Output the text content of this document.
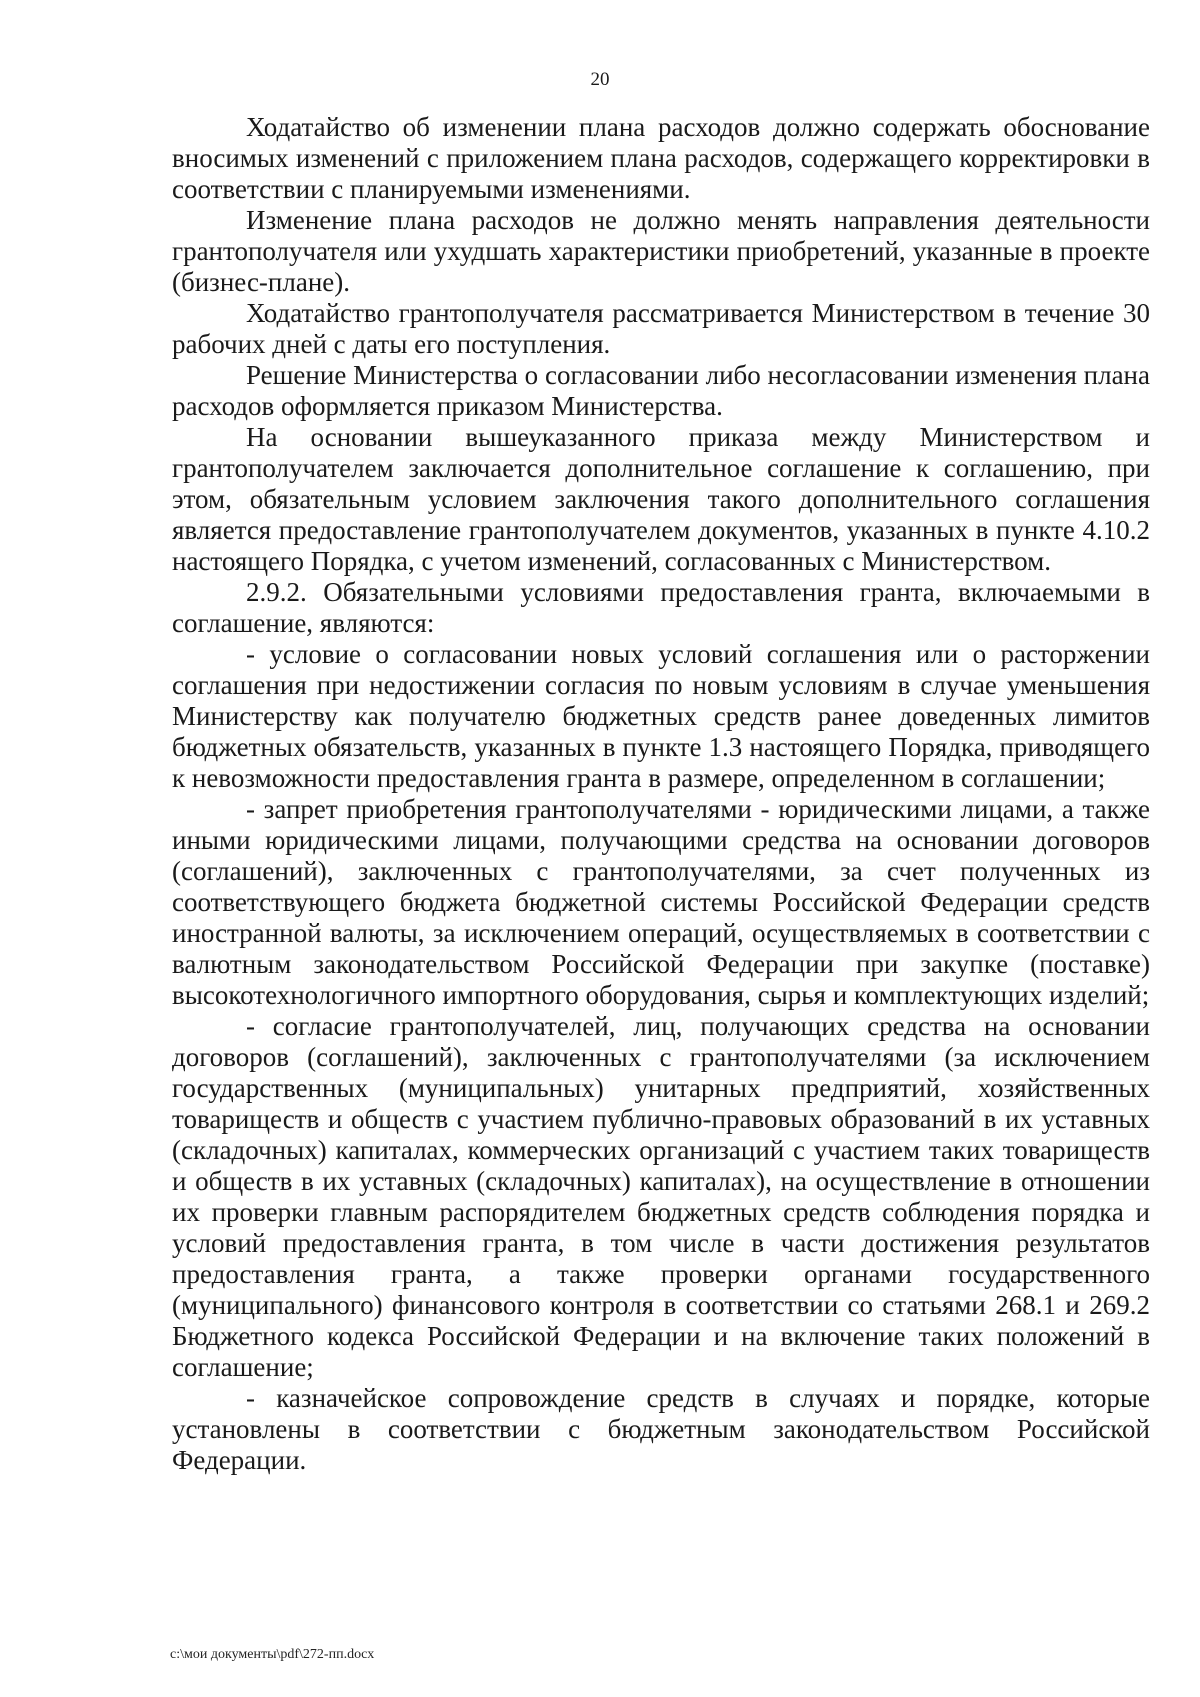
20

Ходатайство об изменении плана расходов должно содержать обоснование вносимых изменений с приложением плана расходов, содержащего корректировки в соответствии с планируемыми изменениями.

Изменение плана расходов не должно менять направления деятельности грантополучателя или ухудшать характеристики приобретений, указанные в проекте (бизнес-плане).

Ходатайство грантополучателя рассматривается Министерством в течение 30 рабочих дней с даты его поступления.

Решение Министерства о согласовании либо несогласовании изменения плана расходов оформляется приказом Министерства.

На основании вышеуказанного приказа между Министерством и грантополучателем заключается дополнительное соглашение к соглашению, при этом, обязательным условием заключения такого дополнительного соглашения является предоставление грантополучателем документов, указанных в пункте 4.10.2 настоящего Порядка, с учетом изменений, согласованных с Министерством.

2.9.2. Обязательными условиями предоставления гранта, включаемыми в соглашение, являются:

- условие о согласовании новых условий соглашения или о расторжении соглашения при недостижении согласия по новым условиям в случае уменьшения Министерству как получателю бюджетных средств ранее доведенных лимитов бюджетных обязательств, указанных в пункте 1.3 настоящего Порядка, приводящего к невозможности предоставления гранта в размере, определенном в соглашении;

- запрет приобретения грантополучателями - юридическими лицами, а также иными юридическими лицами, получающими средства на основании договоров (соглашений), заключенных с грантополучателями, за счет полученных из соответствующего бюджета бюджетной системы Российской Федерации средств иностранной валюты, за исключением операций, осуществляемых в соответствии с валютным законодательством Российской Федерации при закупке (поставке) высокотехнологичного импортного оборудования, сырья и комплектующих изделий;

- согласие грантополучателей, лиц, получающих средства на основании договоров (соглашений), заключенных с грантополучателями (за исключением государственных (муниципальных) унитарных предприятий, хозяйственных товариществ и обществ с участием публично-правовых образований в их уставных (складочных) капиталах, коммерческих организаций с участием таких товариществ и обществ в их уставных (складочных) капиталах), на осуществление в отношении их проверки главным распорядителем бюджетных средств соблюдения порядка и условий предоставления гранта, в том числе в части достижения результатов предоставления гранта, а также проверки органами государственного (муниципального) финансового контроля в соответствии со статьями 268.1 и 269.2 Бюджетного кодекса Российской Федерации и на включение таких положений в соглашение;

- казначейское сопровождение средств в случаях и порядке, которые установлены в соответствии с бюджетным законодательством Российской Федерации.

c:\мои документы\pdf\272-пп.docx
